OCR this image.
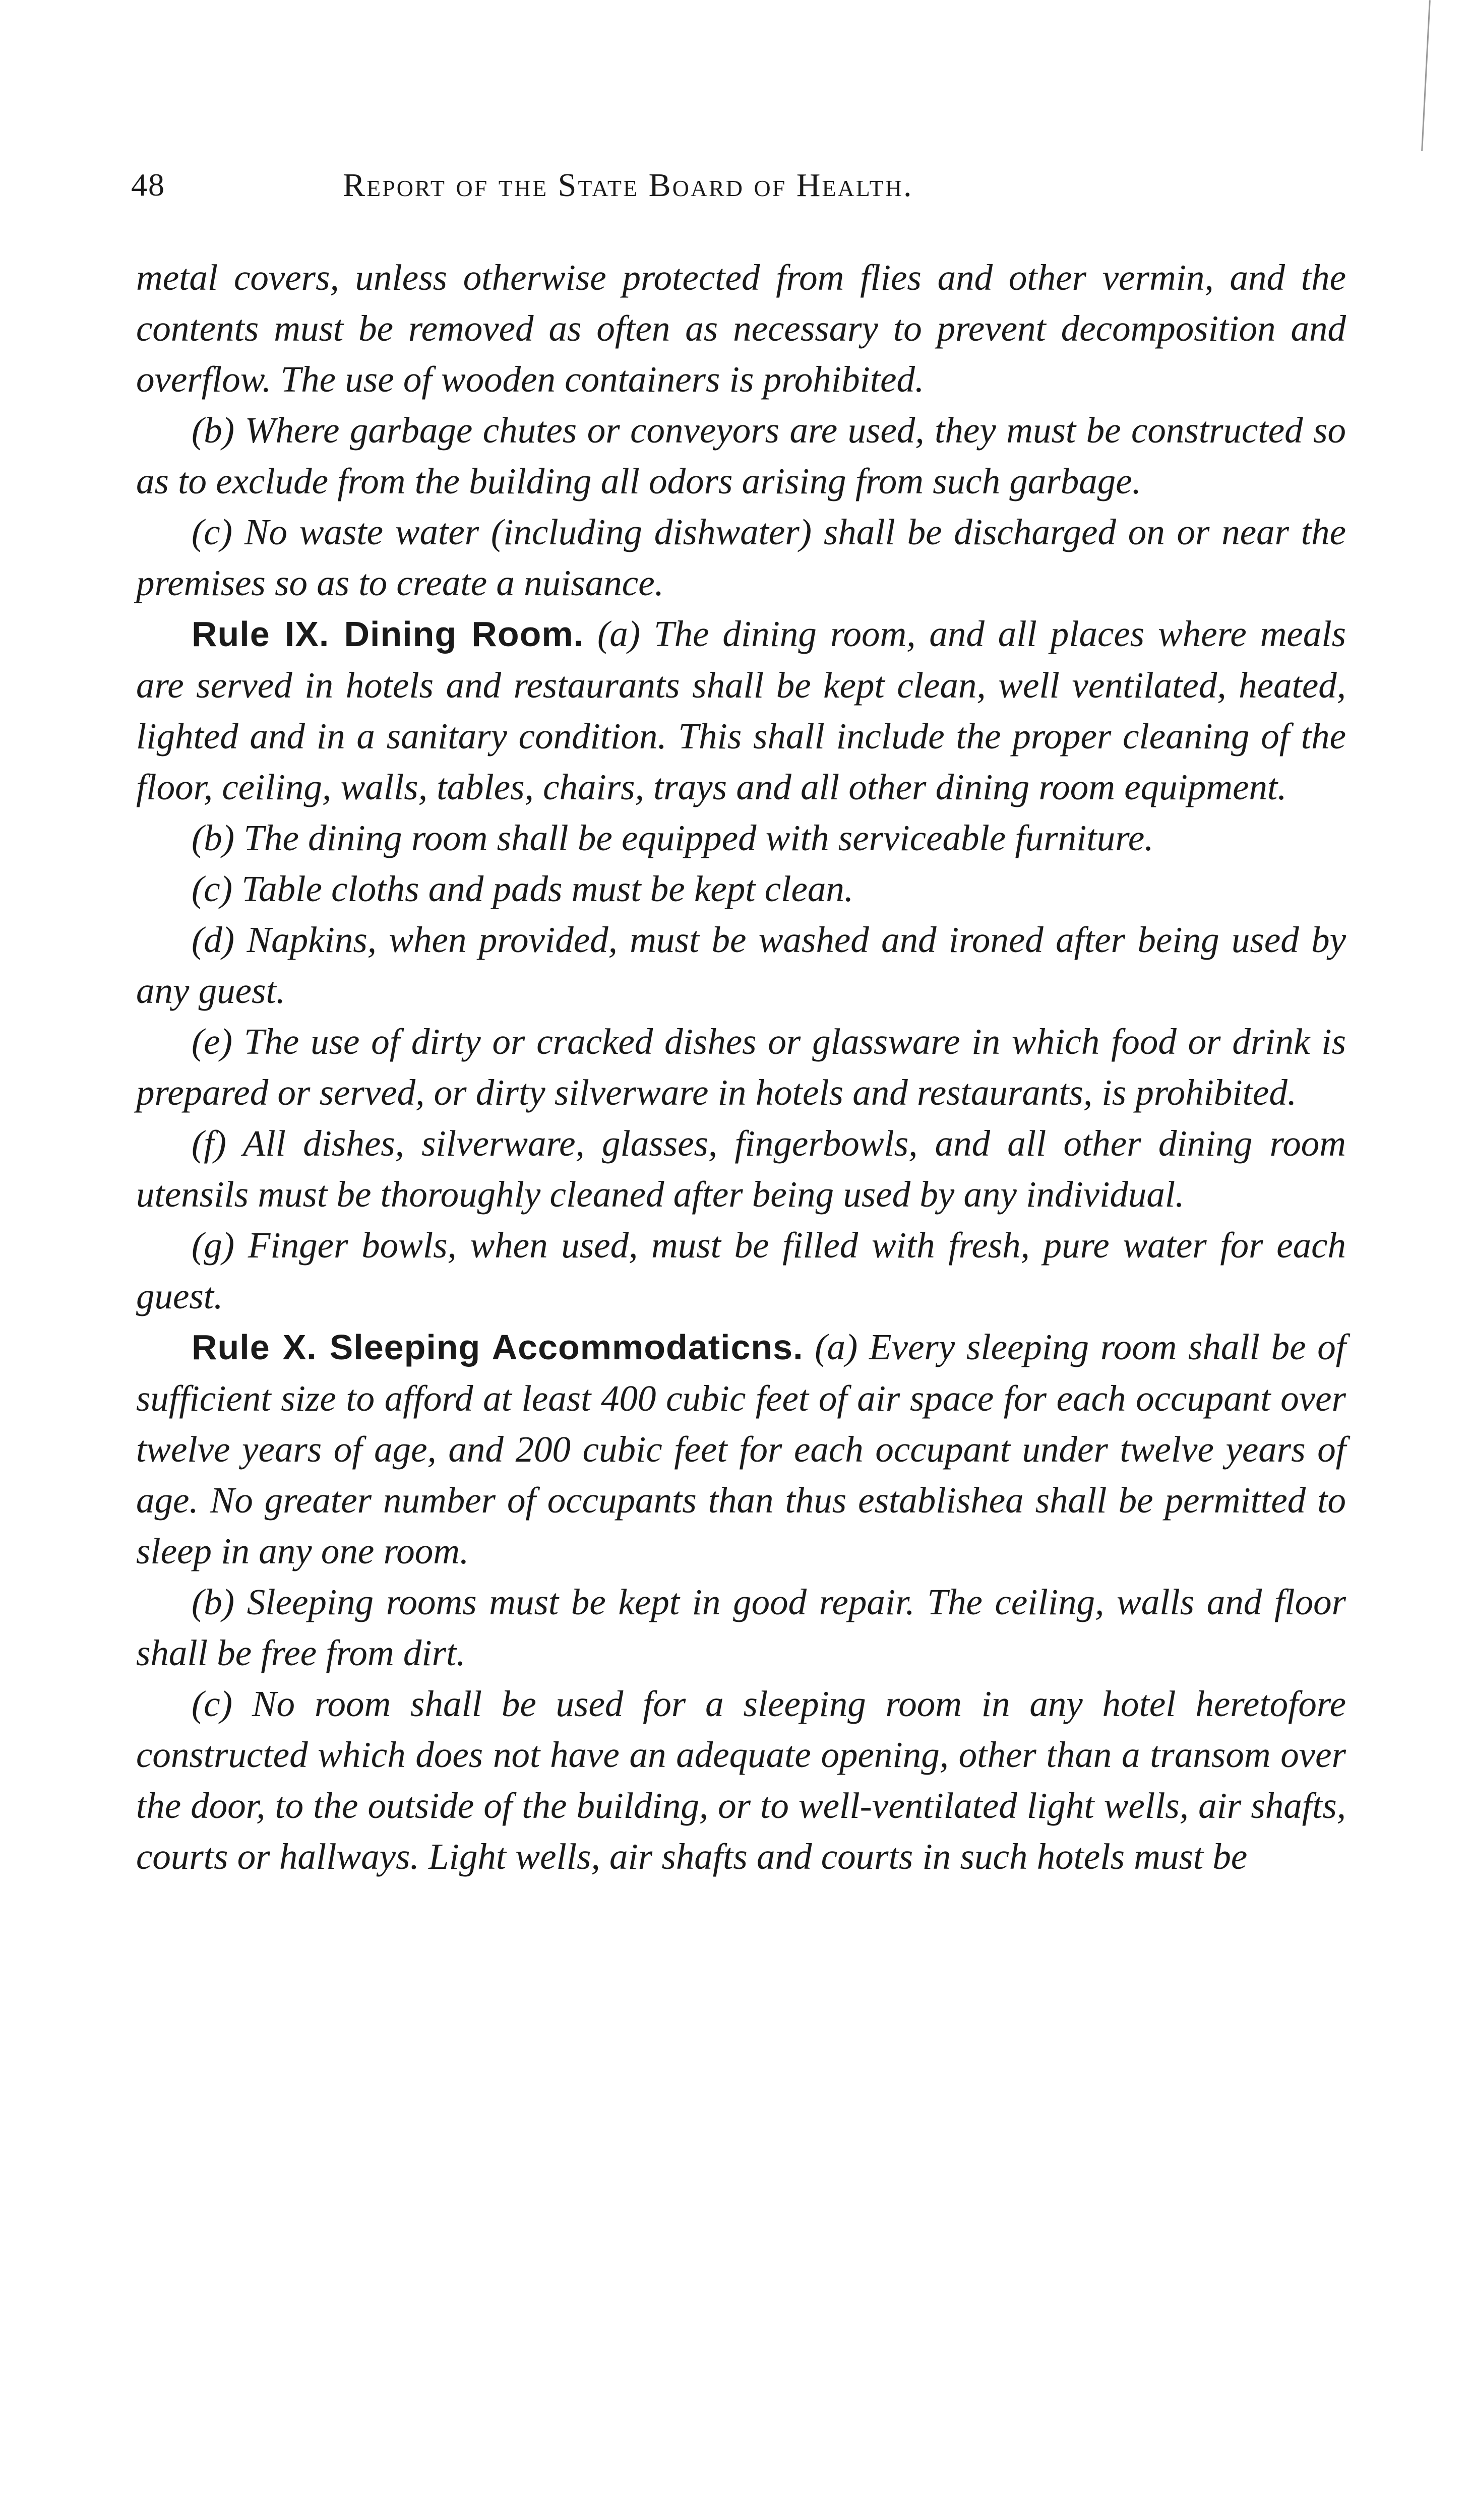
48	Report of the State Board of Health.

metal covers, unless otherwise protected from flies and other vermin, and the contents must be removed as often as necessary to prevent decomposition and overflow. The use of wooden containers is prohibited.

(b) Where garbage chutes or conveyors are used, they must be constructed so as to exclude from the building all odors arising from such garbage.

(c) No waste water (including dishwater) shall be discharged on or near the premises so as to create a nuisance.

Rule IX. Dining Room. (a) The dining room, and all places where meals are served in hotels and restaurants shall be kept clean, well ventilated, heated, lighted and in a sanitary condition. This shall include the proper cleaning of the floor, ceiling, walls, tables, chairs, trays and all other dining room equipment.

(b) The dining room shall be equipped with serviceable furniture.

(c) Table cloths and pads must be kept clean.

(d) Napkins, when provided, must be washed and ironed after being used by any guest.

(e) The use of dirty or cracked dishes or glassware in which food or drink is prepared or served, or dirty silverware in hotels and restaurants, is prohibited.

(f) All dishes, silverware, glasses, fingerbowls, and all other dining room utensils must be thoroughly cleaned after being used by any individual.

(g) Finger bowls, when used, must be filled with fresh, pure water for each guest.

Rule X. Sleeping Accommodaticns. (a) Every sleeping room shall be of sufficient size to afford at least 400 cubic feet of air space for each occupant over twelve years of age, and 200 cubic feet for each occupant under twelve years of age. No greater number of occupants than thus establishea shall be permitted to sleep in any one room.

(b) Sleeping rooms must be kept in good repair. The ceiling, walls and floor shall be free from dirt.

(c) No room shall be used for a sleeping room in any hotel heretofore constructed which does not have an adequate opening, other than a transom over the door, to the outside of the building, or to well-ventilated light wells, air shafts, courts or hallways. Light wells, air shafts and courts in such hotels must be
